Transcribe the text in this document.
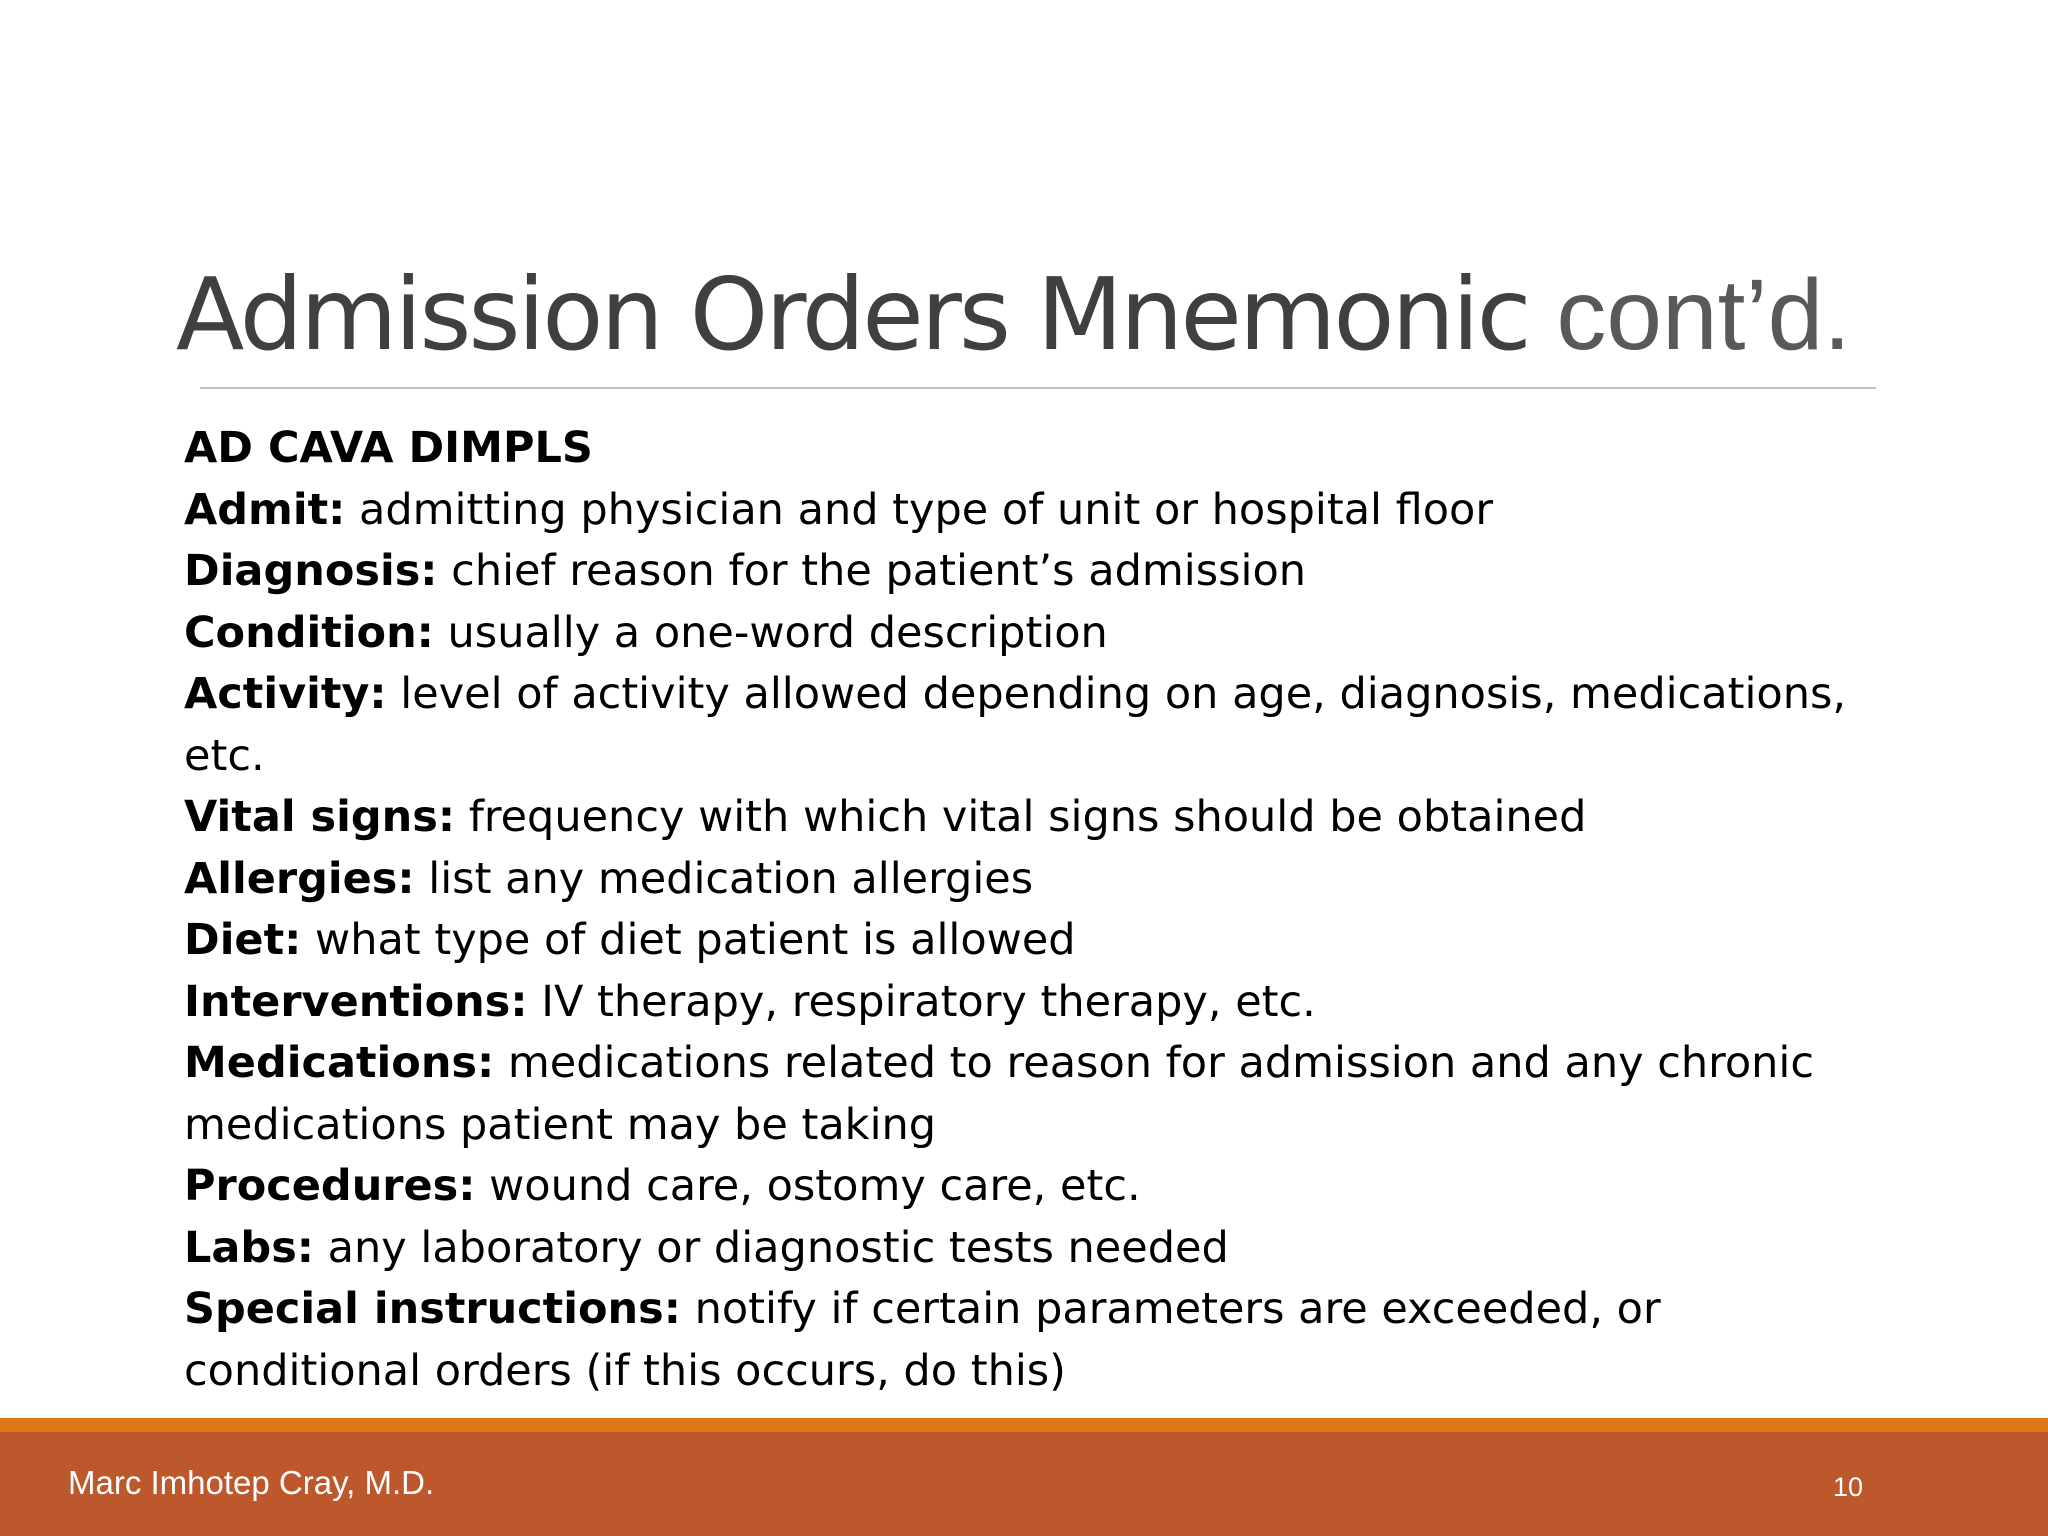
Admission Orders Mnemonic cont’d.
AD CAVA DIMPLS

Admit: admitting physician and type of unit or hospital floor

Diagnosis: chief reason for the patient’s admission

Condition: usually a one-word description

Activity: level of activity allowed depending on age, diagnosis, medications, etc.

Vital signs: frequency with which vital signs should be obtained

Allergies: list any medication allergies

Diet: what type of diet patient is allowed

Interventions: IV therapy, respiratory therapy, etc.

Medications: medications related to reason for admission and any chronic medications patient may be taking

Procedures: wound care, ostomy care, etc.

Labs: any laboratory or diagnostic tests needed

Special instructions: notify if certain parameters are exceeded, or conditional orders (if this occurs, do this)

Marc Imhotep Cray, M.D.	10
